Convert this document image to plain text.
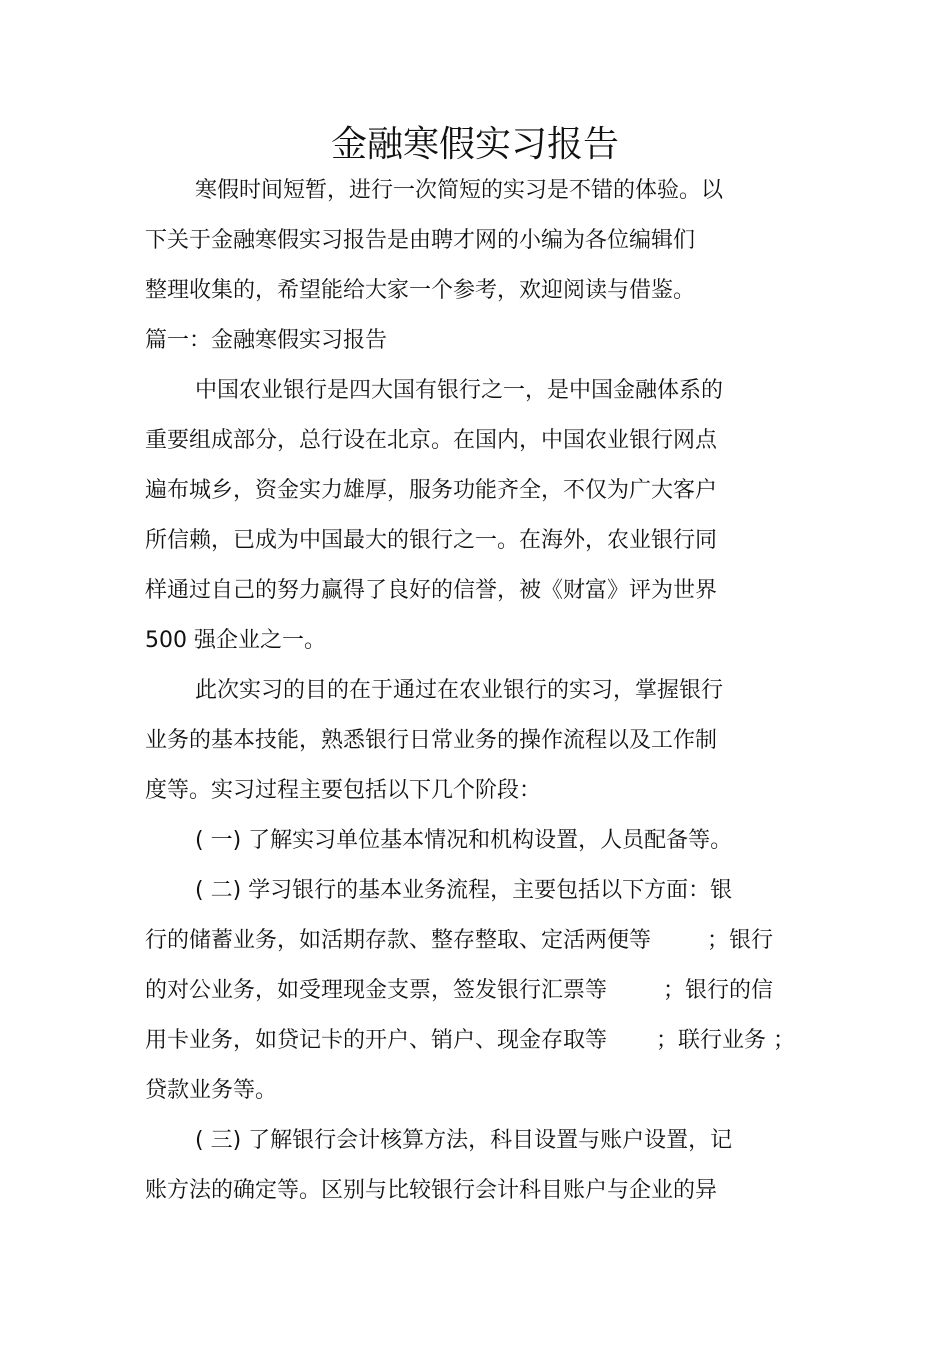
金融寒假实习报告
寒假时间短暂，进行一次简短的实习是不错的体验。以
下关于金融寒假实习报告是由聘才网的小编为各位编辑们
整理收集的，希望能给大家一个参考，欢迎阅读与借鉴。
篇一：金融寒假实习报告
中国农业银行是四大国有银行之一，是中国金融体系的
重要组成部分，总行设在北京。在国内，中国农业银行网点
遍布城乡，资金实力雄厚，服务功能齐全，不仅为广大客户
所信赖，已成为中国最大的银行之一。在海外，农业银行同
样通过自己的努力赢得了良好的信誉，被《财富》评为世界
500 强企业之一。
此次实习的目的在于通过在农业银行的实习，掌握银行
业务的基本技能，熟悉银行日常业务的操作流程以及工作制
度等。实习过程主要包括以下几个阶段：
( 一) 了解实习单位基本情况和机构设置，人员配备等。
( 二) 学习银行的基本业务流程，主要包括以下方面：银
行的储蓄业务，如活期存款、整存整取、定活两便等        ；银行
的对公业务，如受理现金支票，签发银行汇票等        ；银行的信
用卡业务，如贷记卡的开户、销户、现金存取等       ；联行业务 ；
贷款业务等。
( 三) 了解银行会计核算方法，科目设置与账户设置，记
账方法的确定等。区别与比较银行会计科目账户与企业的异
